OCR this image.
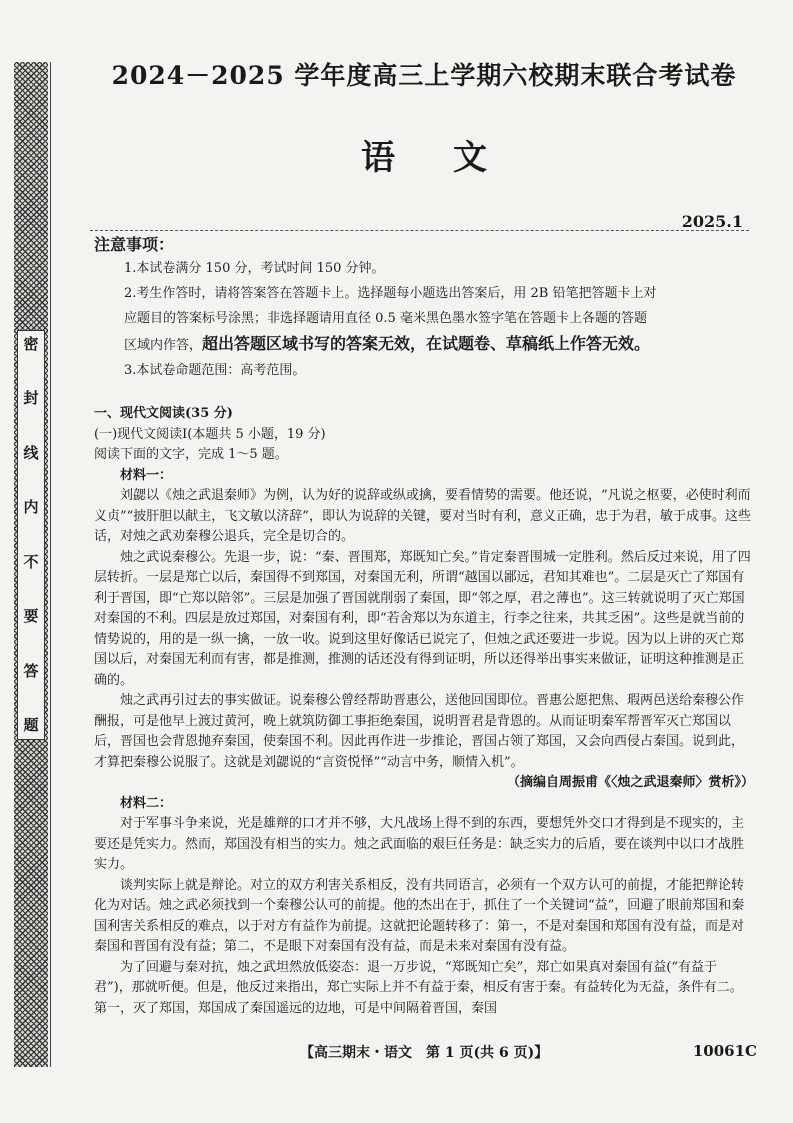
密
封
线
内
不
要
答
题
2024－2025 学年度高三上学期六校期末联合考试卷
语文
2025.1
注意事项：
1.本试卷满分 150 分，考试时间 150 分钟。
2.考生作答时，请将答案答在答题卡上。选择题每小题选出答案后，用 2B 铅笔把答题卡上对
应题目的答案标号涂黑；非选择题请用直径 0.5 毫米黑色墨水签字笔在答题卡上各题的答题
区域内作答，超出答题区域书写的答案无效，在试题卷、草稿纸上作答无效。
3.本试卷命题范围：高考范围。

一、现代文阅读(35 分)

(一)现代文阅读Ⅰ(本题共 5 小题，19 分)

阅读下面的文字，完成 1～5 题。

材料一：

刘勰以《烛之武退秦师》为例，认为好的说辞或纵或擒，要看情势的需要。他还说，“凡说之枢要，必使时利而义贞”“披肝胆以献主，飞文敏以济辞”，即认为说辞的关键，要对当时有利，意义正确，忠于为君，敏于成事。这些话，对烛之武劝秦穆公退兵，完全是切合的。

烛之武说秦穆公。先退一步，说：“秦、晋围郑，郑既知亡矣。”肯定秦晋围城一定胜利。然后反过来说，用了四层转折。一层是郑亡以后，秦国得不到郑国，对秦国无利，所谓“越国以鄙远，君知其难也”。二层是灭亡了郑国有利于晋国，即“亡郑以陪邻”。三层是加强了晋国就削弱了秦国，即“邻之厚，君之薄也”。这三转就说明了灭亡郑国对秦国的不利。四层是放过郑国，对秦国有利，即“若舍郑以为东道主，行李之往来，共其乏困”。这些是就当前的情势说的，用的是一纵一擒，一放一收。说到这里好像话已说完了，但烛之武还要进一步说。因为以上讲的灭亡郑国以后，对秦国无利而有害，都是推测，推测的话还没有得到证明，所以还得举出事实来做证，证明这种推测是正确的。

烛之武再引过去的事实做证。说秦穆公曾经帮助晋惠公，送他回国即位。晋惠公愿把焦、瑕两邑送给秦穆公作酬报，可是他早上渡过黄河，晚上就筑防御工事拒绝秦国，说明晋君是背恩的。从而证明秦军帮晋军灭亡郑国以后，晋国也会背恩抛弃秦国，使秦国不利。因此再作进一步推论，晋国占领了郑国，又会向西侵占秦国。说到此，才算把秦穆公说服了。这就是刘勰说的“言资悦怿”“动言中务，顺情入机”。

（摘编自周振甫《〈烛之武退秦师〉赏析》）

材料二：

对于军事斗争来说，光是雄辩的口才并不够，大凡战场上得不到的东西，要想凭外交口才得到是不现实的，主要还是凭实力。然而，郑国没有相当的实力。烛之武面临的艰巨任务是：缺乏实力的后盾，要在谈判中以口才战胜实力。

谈判实际上就是辩论。对立的双方利害关系相反，没有共同语言，必须有一个双方认可的前提，才能把辩论转化为对话。烛之武必须找到一个秦穆公认可的前提。他的杰出在于，抓住了一个关键词“益”，回避了眼前郑国和秦国利害关系相反的难点，以于对方有益作为前提。这就把论题转移了：第一，不是对秦国和郑国有没有益，而是对秦国和晋国有没有益；第二，不是眼下对秦国有没有益，而是未来对秦国有没有益。

为了回避与秦对抗，烛之武坦然放低姿态：退一万步说，“郑既知亡矣”，郑亡如果真对秦国有益(“有益于君”)，那就听便。但是，他反过来指出，郑亡实际上并不有益于秦，相反有害于秦。有益转化为无益，条件有二。第一，灭了郑国，郑国成了秦国遥远的边地，可是中间隔着晋国，秦国

【高三期末・语文　第 1 页(共 6 页)】	10061C
